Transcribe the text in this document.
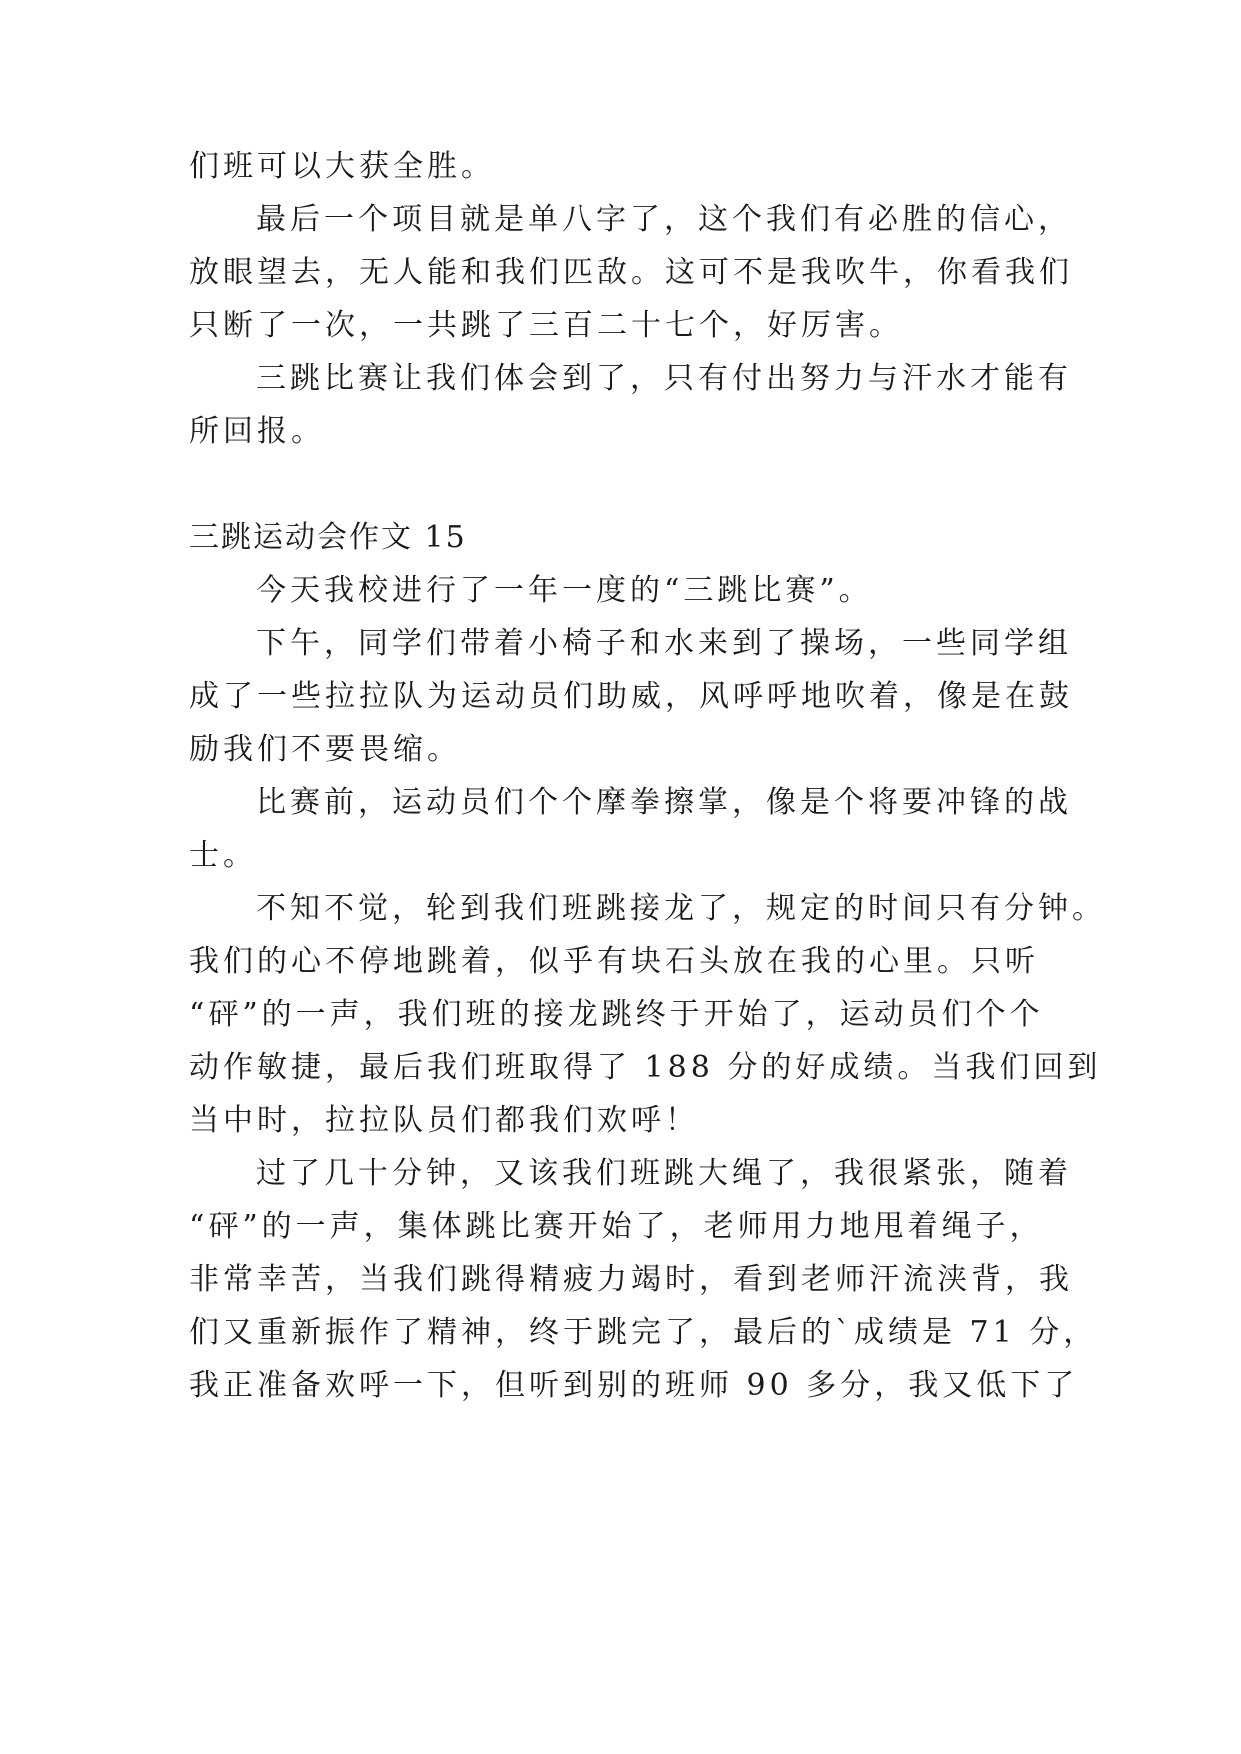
们班可以大获全胜。
最后一个项目就是单八字了，这个我们有必胜的信心，
放眼望去，无人能和我们匹敌。这可不是我吹牛，你看我们
只断了一次，一共跳了三百二十七个，好厉害。
三跳比赛让我们体会到了，只有付出努力与汗水才能有
所回报。
三跳运动会作文 15
今天我校进行了一年一度的“三跳比赛”。
下午，同学们带着小椅子和水来到了操场，一些同学组
成了一些拉拉队为运动员们助威，风呼呼地吹着，像是在鼓
励我们不要畏缩。
比赛前，运动员们个个摩拳擦掌，像是个将要冲锋的战
士。
不知不觉，轮到我们班跳接龙了，规定的时间只有分钟。
我们的心不停地跳着，似乎有块石头放在我的心里。只听
“砰”的一声，我们班的接龙跳终于开始了，运动员们个个
动作敏捷，最后我们班取得了 188 分的好成绩。当我们回到
当中时，拉拉队员们都我们欢呼！
过了几十分钟，又该我们班跳大绳了，我很紧张，随着
“砰”的一声，集体跳比赛开始了，老师用力地甩着绳子，
非常幸苦，当我们跳得精疲力竭时，看到老师汗流浃背，我
们又重新振作了精神，终于跳完了，最后的`成绩是 71 分，
我正准备欢呼一下，但听到别的班师 90 多分，我又低下了
